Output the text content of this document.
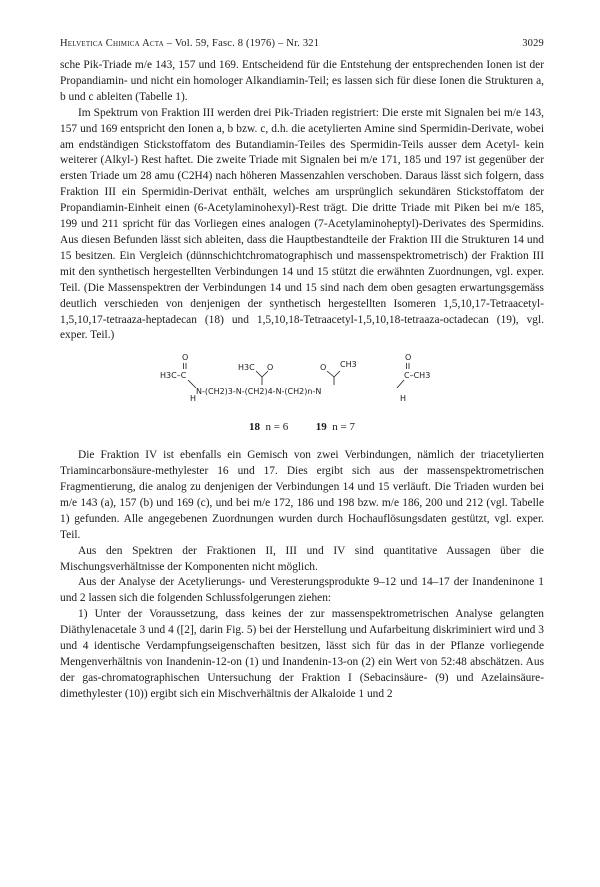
Helvetica Chimica Acta – Vol. 59, Fasc. 8 (1976) – Nr. 321	3029

sche Pik-Triade m/e 143, 157 und 169. Entscheidend für die Entstehung der entsprechenden Ionen ist der Propandiamin- und nicht ein homologer Alkandiamin-Teil; es lassen sich für diese Ionen die Strukturen a, b und c ableiten (Tabelle 1).

Im Spektrum von Fraktion III werden drei Pik-Triaden registriert: Die erste mit Signalen bei m/e 143, 157 und 169 entspricht den Ionen a, b bzw. c, d.h. die acetylierten Amine sind Spermidin-Derivate, wobei am endständigen Stickstoffatom des Butandiamin-Teiles des Spermidin-Teils ausser dem Acetyl- kein weiterer (Alkyl-) Rest haftet. Die zweite Triade mit Signalen bei m/e 171, 185 und 197 ist gegenüber der ersten Triade um 28 amu (C2H4) nach höheren Massenzahlen verschoben. Daraus lässt sich folgern, dass Fraktion III ein Spermidin-Derivat enthält, welches am ursprünglich sekundären Stickstoffatom der Propandiamin-Einheit einen (6-Acetylaminohexyl)-Rest trägt. Die dritte Triade mit Piken bei m/e 185, 199 und 211 spricht für das Vorliegen eines analogen (7-Acetylaminoheptyl)-Derivates des Spermidins. Aus diesen Befunden lässt sich ableiten, dass die Hauptbestandteile der Fraktion III die Strukturen 14 und 15 besitzen. Ein Vergleich (dünnschichtchromatographisch und massenspektrometrisch) der Fraktion III mit den synthetisch hergestellten Verbindungen 14 und 15 stützt die erwähnten Zuordnungen, vgl. exper. Teil. (Die Massenspektren der Verbindungen 14 und 15 sind nach dem oben gesagten erwartungsgemäss deutlich verschieden von denjenigen der synthetisch hergestellten Isomeren 1,5,10,17-Tetraacetyl-1,5,10,17-tetraaza-heptadecan (18) und 1,5,10,18-Tetraacetyl-1,5,10,18-tetraaza-octadecan (19), vgl. exper. Teil.)

O
H3C–C
H
H3C O	O CH3
N-(CH2)3-N-(CH2)4-N-(CH2)n-N
O
C–CH3
H
18 n = 6	19 n = 7

Die Fraktion IV ist ebenfalls ein Gemisch von zwei Verbindungen, nämlich der triacetylierten Triamincarbonsäure-methylester 16 und 17. Dies ergibt sich aus der massenspektrometrischen Fragmentierung, die analog zu denjenigen der Verbindungen 14 und 15 verläuft. Die Triaden wurden bei m/e 143 (a), 157 (b) und 169 (c), und bei m/e 172, 186 und 198 bzw. m/e 186, 200 und 212 (vgl. Tabelle 1) gefunden. Alle angegebenen Zuordnungen wurden durch Hochauflösungsdaten gestützt, vgl. exper. Teil.

Aus den Spektren der Fraktionen II, III und IV sind quantitative Aussagen über die Mischungsverhältnisse der Komponenten nicht möglich.

Aus der Analyse der Acetylierungs- und Veresterungsprodukte 9–12 und 14–17 der Inandeninone 1 und 2 lassen sich die folgenden Schlussfolgerungen ziehen:

1) Unter der Voraussetzung, dass keines der zur massenspektrometrischen Analyse gelangten Diäthylenacetale 3 und 4 ([2], darin Fig. 5) bei der Herstellung und Aufarbeitung diskriminiert wird und 3 und 4 identische Verdampfungseigenschaften besitzen, lässt sich für das in der Pflanze vorliegende Mengenverhältnis von Inandenin-12-on (1) und Inandenin-13-on (2) ein Wert von 52:48 abschätzen. Aus der gas-chromatographischen Untersuchung der Fraktion I (Sebacinsäure- (9) und Azelainsäure-dimethylester (10)) ergibt sich ein Mischverhältnis der Alkaloide 1 und 2
